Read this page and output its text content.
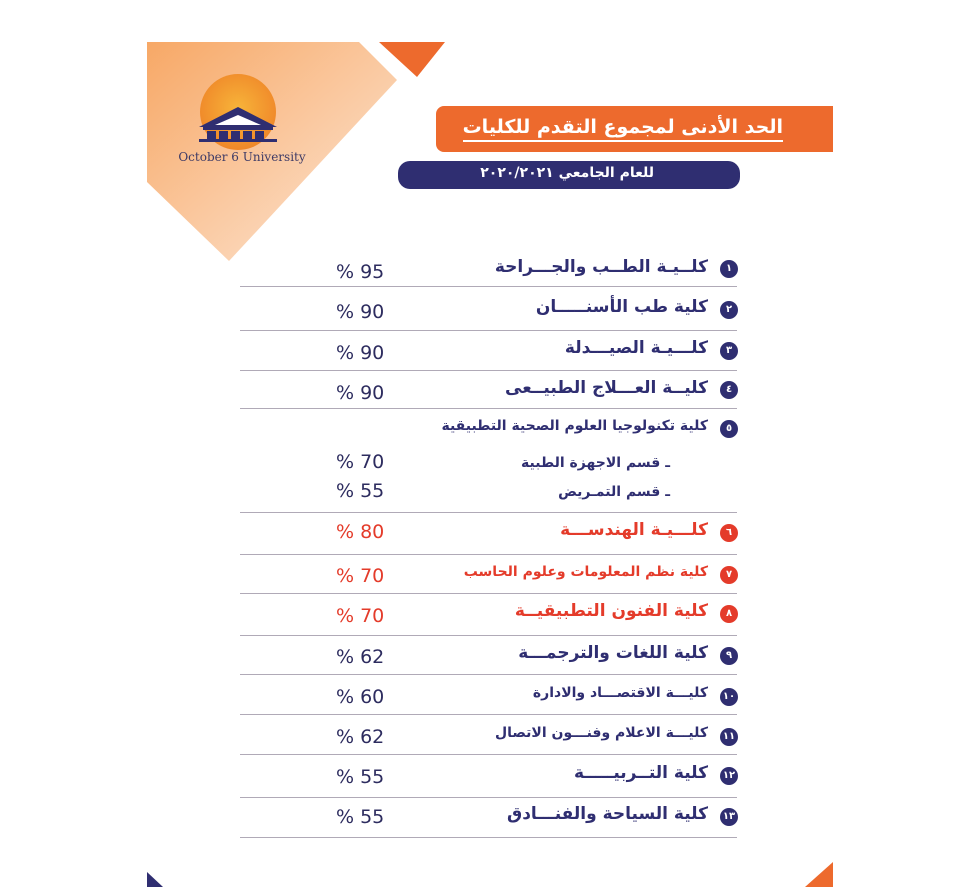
October 6 University
الحد الأدنى لمجموع التقدم للكليات
للعام الجامعي ٢٠٢٠/٢٠٢١
١
كلــيـة الطــب والجـــراحة
% 95
٢
كلية طب الأسنـــــان
% 90
٣
كلـــيـة الصيـــدلة
% 90
٤
كليــة العـــلاج الطبيــعى
% 90
٥
كلية تكنولوجيا العلوم الصحية التطبيقية
ـ قسم الاجهزة الطبية
% 70
ـ قسم التمـريض
% 55
٦
كلـــيـة الهندســـة
% 80
٧
كلية نظم المعلومات وعلوم الحاسب
% 70
٨
كلية الفنون التطبيقيــة
% 70
٩
كلية اللغات والترجمـــة
% 62
١٠
كليـــة الاقتصـــاد والادارة
% 60
١١
كليـــة الاعلام وفنـــون الاتصال
% 62
١٢
كلية التــربيـــــة
% 55
١٣
كلية السياحة والفنـــادق
% 55
